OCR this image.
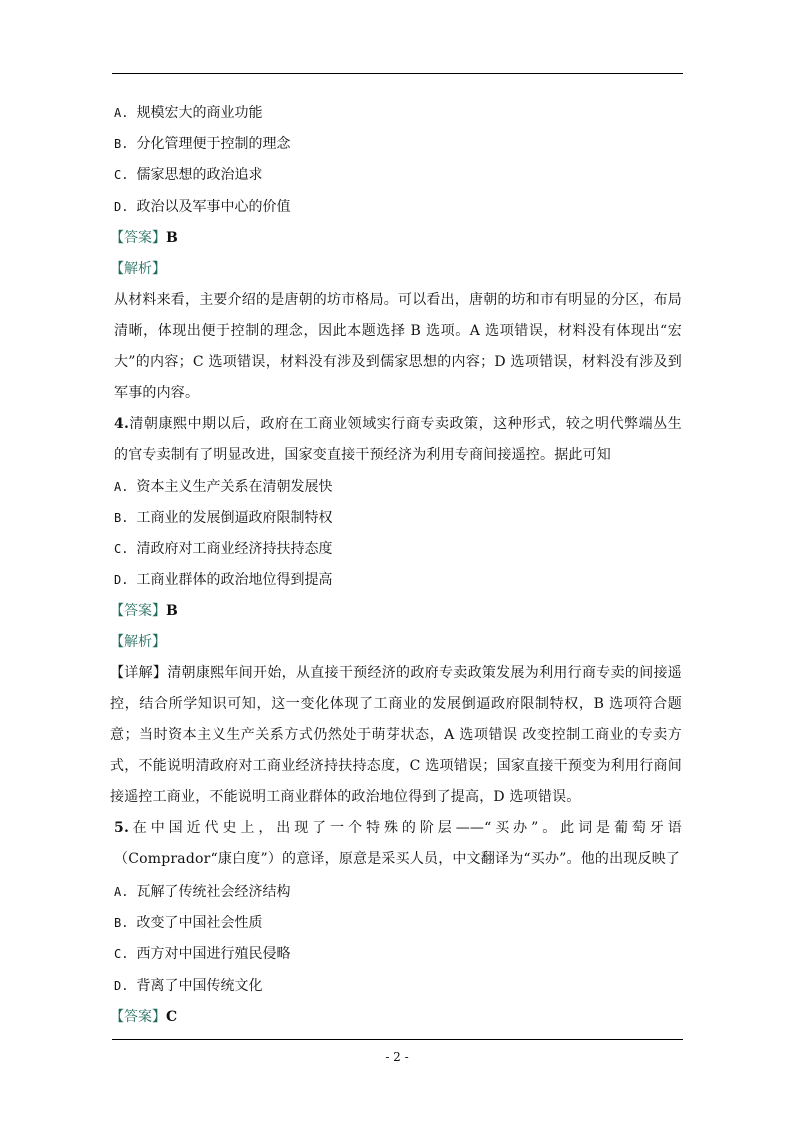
A. 规模宏大的商业功能
B. 分化管理便于控制的理念
C. 儒家思想的政治追求
D. 政治以及军事中心的价值
【答案】B
【解析】
从材料来看，主要介绍的是唐朝的坊市格局。可以看出，唐朝的坊和市有明显的分区，布局清晰，体现出便于控制的理念，因此本题选择 B 选项。A 选项错误，材料没有体现出“宏大”的内容；C 选项错误，材料没有涉及到儒家思想的内容；D 选项错误，材料没有涉及到军事的内容。
4.清朝康熙中期以后，政府在工商业领域实行商专卖政策，这种形式，较之明代弊端丛生的官专卖制有了明显改进，国家变直接干预经济为利用专商间接遥控。据此可知
A. 资本主义生产关系在清朝发展快
B. 工商业的发展倒逼政府限制特权
C. 清政府对工商业经济持扶持态度
D. 工商业群体的政治地位得到提高
【答案】B
【解析】
【详解】清朝康熙年间开始，从直接干预经济的政府专卖政策发展为利用行商专卖的间接遥控，结合所学知识可知，这一变化体现了工商业的发展倒逼政府限制特权，B 选项符合题意；当时资本主义生产关系方式仍然处于萌芽状态，A 选项错误 改变控制工商业的专卖方式，不能说明清政府对工商业经济持扶持态度，C 选项错误；国家直接干预变为利用行商间接遥控工商业，不能说明工商业群体的政治地位得到了提高，D 选项错误。
5.在中国近代史上，出现了一个特殊的阶层——“买办”。此词是葡萄牙语（Comprador“康白度”）的意译，原意是采买人员，中文翻译为“买办”。他的出现反映了
A. 瓦解了传统社会经济结构
B. 改变了中国社会性质
C. 西方对中国进行殖民侵略
D. 背离了中国传统文化
【答案】C
- 2 -
